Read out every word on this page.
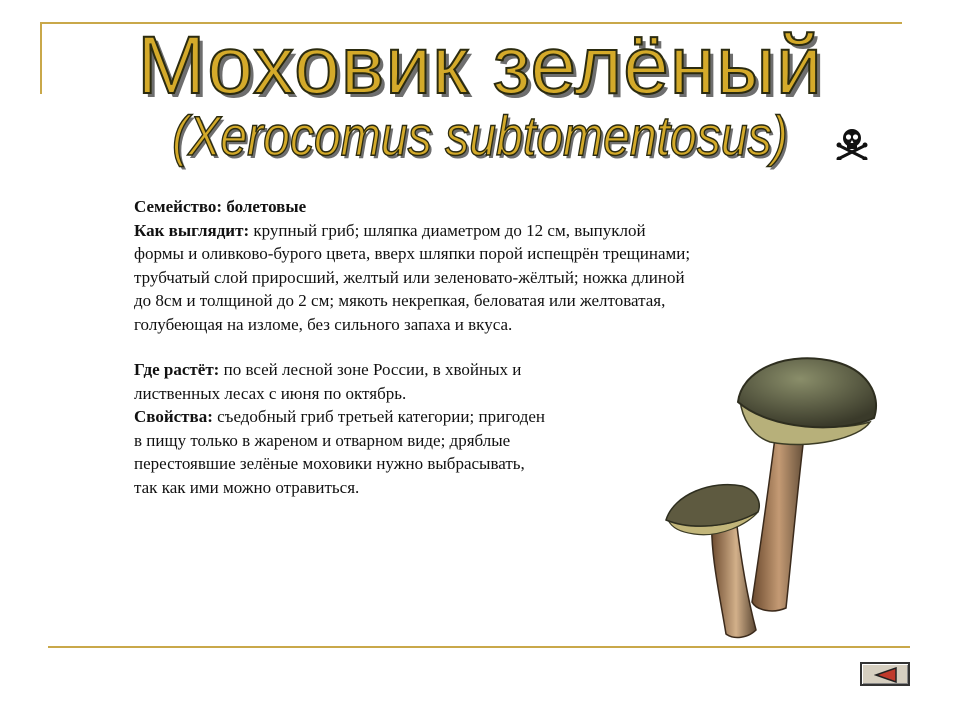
Моховик зелёный
(Xerocomus subtomentosus)

Семейство: болетовые

Как выглядит: крупный гриб; шляпка диаметром до 12 см, выпуклой

формы и оливково-бурого цвета, вверх шляпки порой испещрён трещинами;

трубчатый слой приросший, желтый или зеленовато-жёлтый; ножка длиной

до 8см и толщиной до 2 см; мякоть некрепкая, беловатая или желтоватая,

голубеющая на изломе, без сильного запаха и вкуса.

Где растёт: по всей лесной зоне России, в хвойных и

лиственных лесах с июня по октябрь.

Свойства: съедобный гриб третьей категории; пригоден

в пищу только в жареном и отварном виде; дряблые

перестоявшие зелёные моховики нужно выбрасывать,

так как ими можно отравиться.
